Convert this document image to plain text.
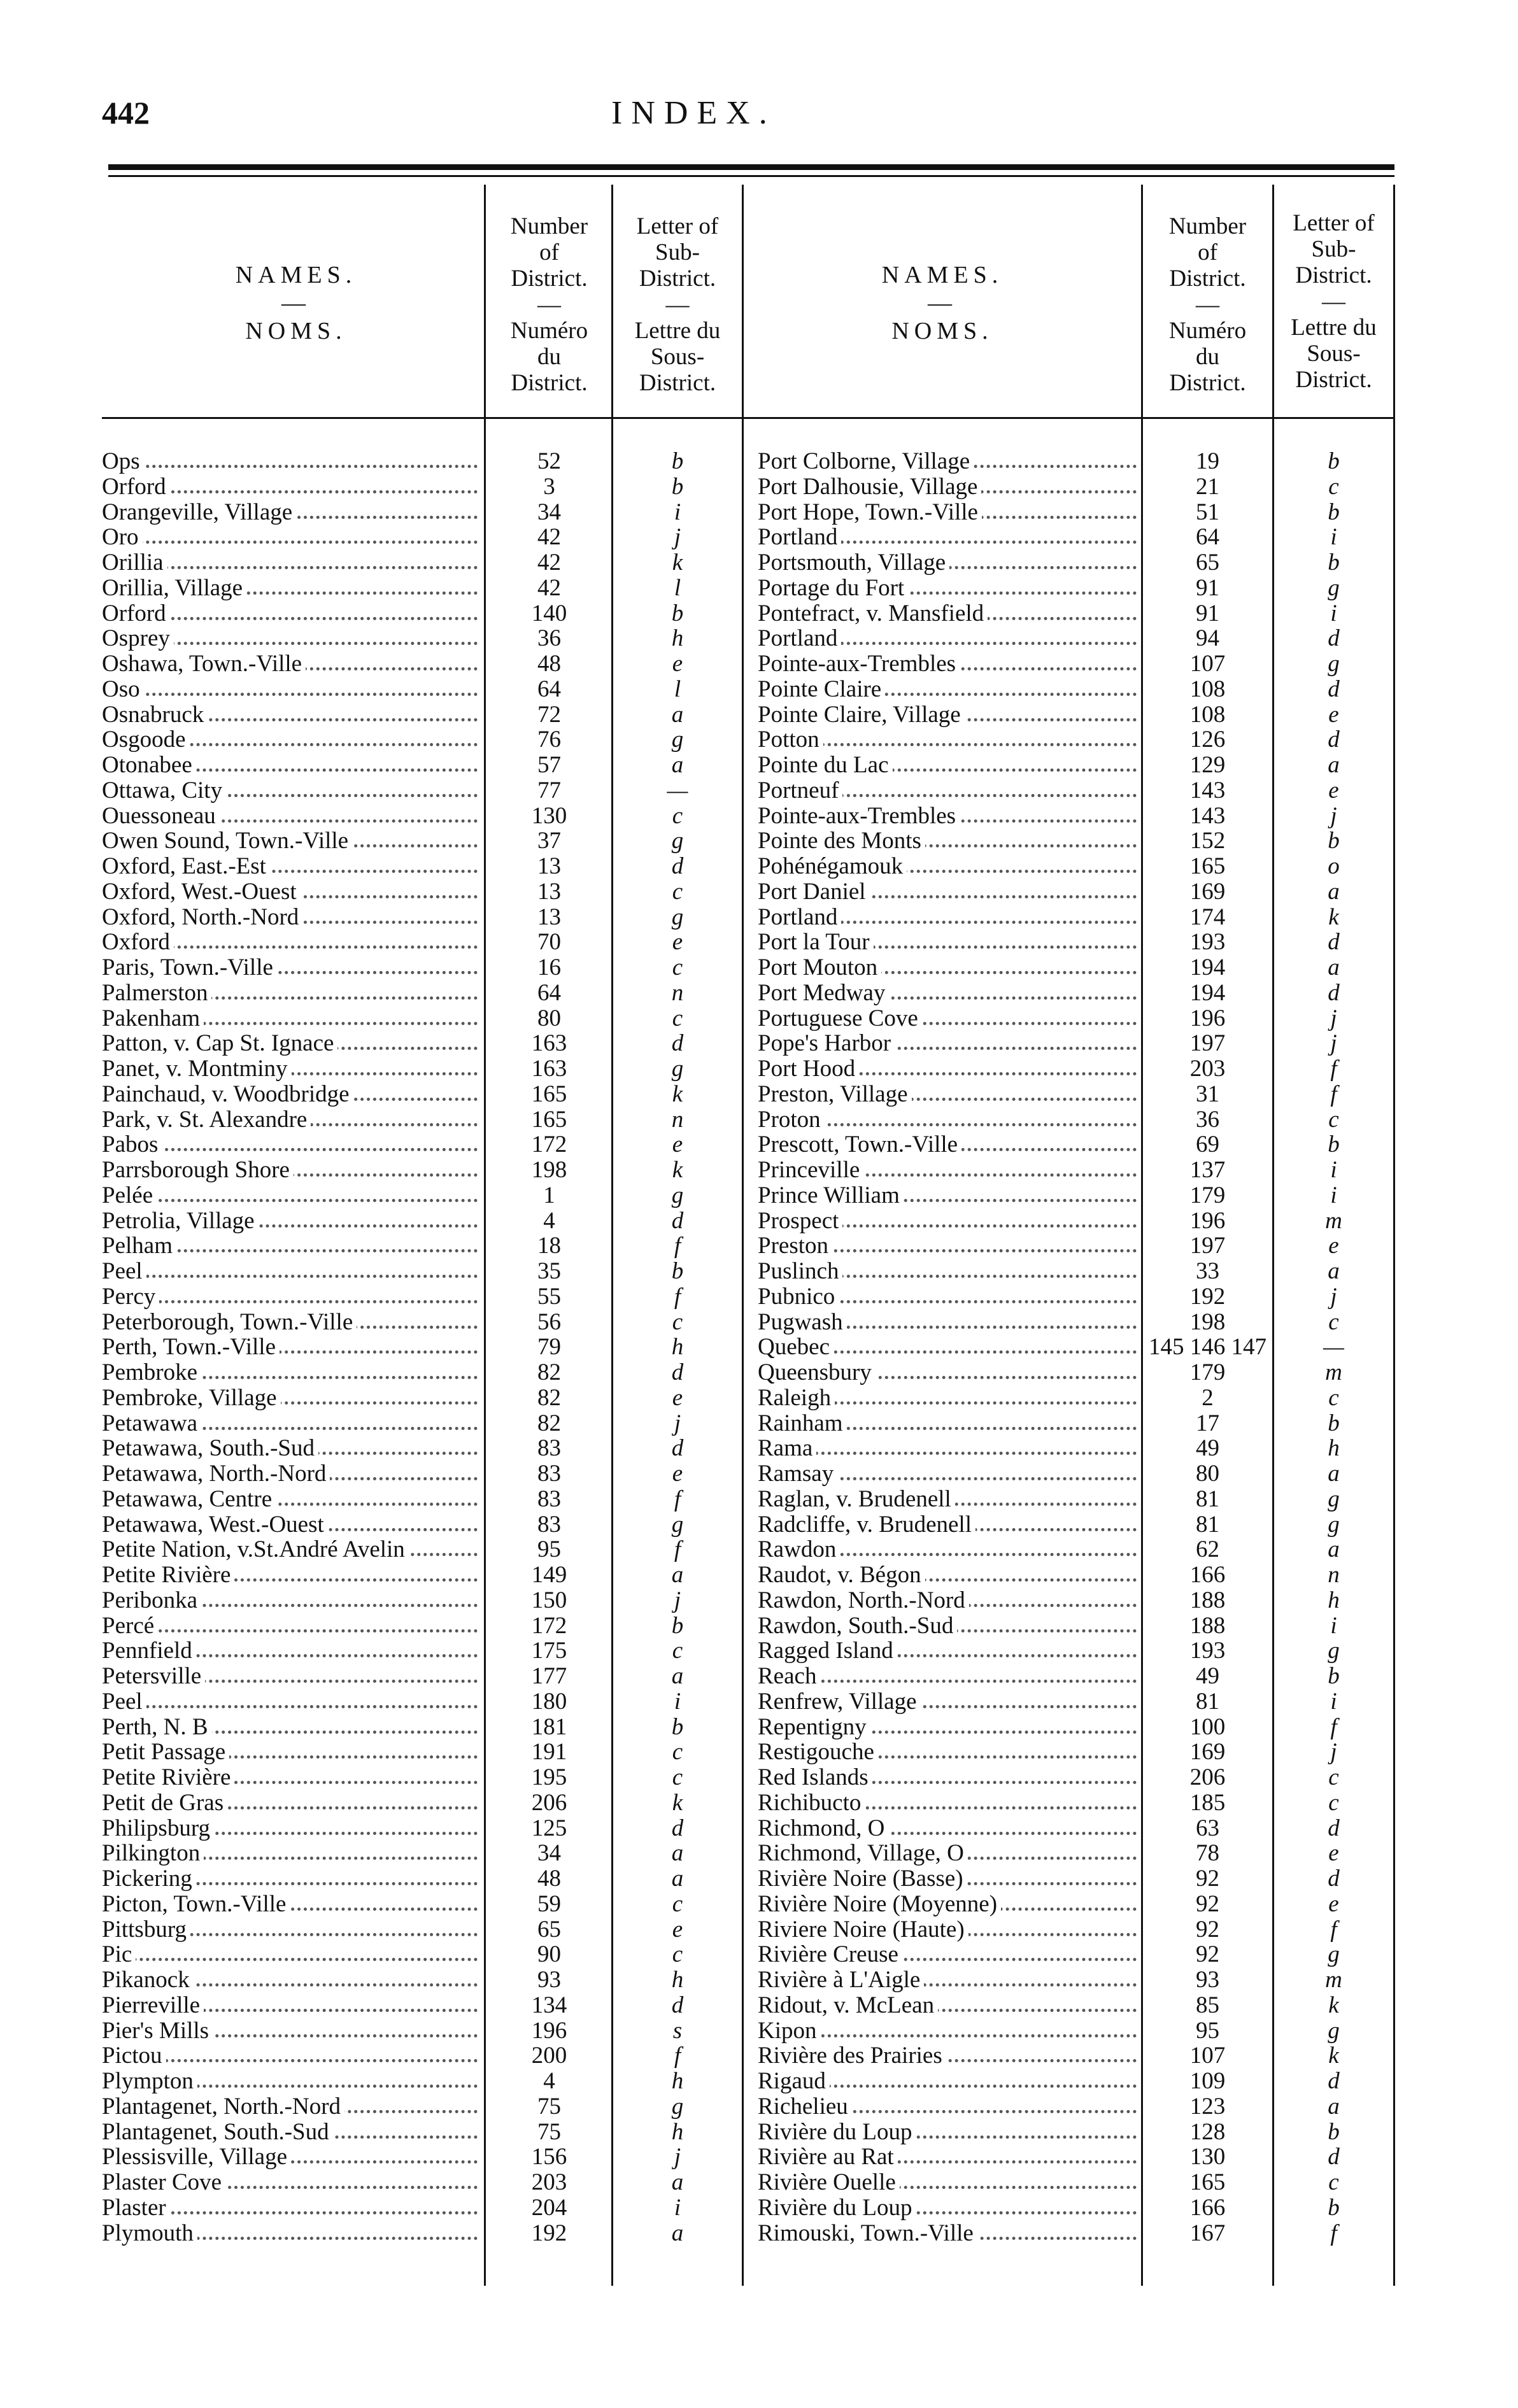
442	INDEX.
NAMES.
—
NOMS.
Number
of
District.
—
Numéro
du
District.
Letter of
Sub-
District.
—
Lettre du
Sous-
District.
NAMES.
—
NOMS.
Number
of
District.
—
Numéro
du
District.
Letter of
Sub-
District.
—
Lettre du
Sous-
District.
Ops	52	b
Orford	3	b
Orangeville, Village	34	i
Oro	42	j
Orillia	42	k
Orillia, Village	42	l
Orford	140	b
Osprey	36	h
Oshawa, Town.-Ville	48	e
Oso	64	l
Osnabruck	72	a
Osgoode	76	g
Otonabee	57	a
Ottawa, City	77	—
Ouessoneau	130	c
Owen Sound, Town.-Ville	37	g
Oxford, East.-Est	13	d
Oxford, West.-Ouest	13	c
Oxford, North.-Nord	13	g
Oxford	70	e
Paris, Town.-Ville	16	c
Palmerston	64	n
Pakenham	80	c
Patton, v. Cap St. Ignace	163	d
Panet, v. Montminy	163	g
Painchaud, v. Woodbridge	165	k
Park, v. St. Alexandre	165	n
Pabos	172	e
Parrsborough Shore	198	k
Pelée	1	g
Petrolia, Village	4	d
Pelham	18	f
Peel	35	b
Percy	55	f
Peterborough, Town.-Ville	56	c
Perth, Town.-Ville	79	h
Pembroke	82	d
Pembroke, Village	82	e
Petawawa	82	j
Petawawa, South.-Sud	83	d
Petawawa, North.-Nord	83	e
Petawawa, Centre	83	f
Petawawa, West.-Ouest	83	g
Petite Nation, v.St.André Avelin	95	f
Petite Rivière	149	a
Peribonka	150	j
Percé	172	b
Pennfield	175	c
Petersville	177	a
Peel	180	i
Perth, N. B	181	b
Petit Passage	191	c
Petite Rivière	195	c
Petit de Gras	206	k
Philipsburg	125	d
Pilkington	34	a
Pickering	48	a
Picton, Town.-Ville	59	c
Pittsburg	65	e
Pic	90	c
Pikanock	93	h
Pierreville	134	d
Pier's Mills	196	s
Pictou	200	f
Plympton	4	h
Plantagenet, North.-Nord	75	g
Plantagenet, South.-Sud	75	h
Plessisville, Village	156	j
Plaster Cove	203	a
Plaster	204	i
Plymouth	192	a
Port Colborne, Village	19	b
Port Dalhousie, Village	21	c
Port Hope, Town.-Ville	51	b
Portland	64	i
Portsmouth, Village	65	b
Portage du Fort	91	g
Pontefract, v. Mansfield	91	i
Portland	94	d
Pointe-aux-Trembles	107	g
Pointe Claire	108	d
Pointe Claire, Village	108	e
Potton	126	d
Pointe du Lac	129	a
Portneuf	143	e
Pointe-aux-Trembles	143	j
Pointe des Monts	152	b
Pohénégamouk	165	o
Port Daniel	169	a
Portland	174	k
Port la Tour	193	d
Port Mouton	194	a
Port Medway	194	d
Portuguese Cove	196	j
Pope's Harbor	197	j
Port Hood	203	f
Preston, Village	31	f
Proton	36	c
Prescott, Town.-Ville	69	b
Princeville	137	i
Prince William	179	i
Prospect	196	m
Preston	197	e
Puslinch	33	a
Pubnico	192	j
Pugwash	198	c
Quebec	145 146 147	—
Queensbury	179	m
Raleigh	2	c
Rainham	17	b
Rama	49	h
Ramsay	80	a
Raglan, v. Brudenell	81	g
Radcliffe, v. Brudenell	81	g
Rawdon	62	a
Raudot, v. Bégon	166	n
Rawdon, North.-Nord	188	h
Rawdon, South.-Sud	188	i
Ragged Island	193	g
Reach	49	b
Renfrew, Village	81	i
Repentigny	100	f
Restigouche	169	j
Red Islands	206	c
Richibucto	185	c
Richmond, O	63	d
Richmond, Village, O	78	e
Rivière Noire (Basse)	92	d
Rivière Noire (Moyenne)	92	e
Riviere Noire (Haute)	92	f
Rivière Creuse	92	g
Rivière à L'Aigle	93	m
Ridout, v. McLean	85	k
Kipon	95	g
Rivière des Prairies	107	k
Rigaud	109	d
Richelieu	123	a
Rivière du Loup	128	b
Rivière au Rat	130	d
Rivière Ouelle	165	c
Rivière du Loup	166	b
Rimouski, Town.-Ville	167	f
